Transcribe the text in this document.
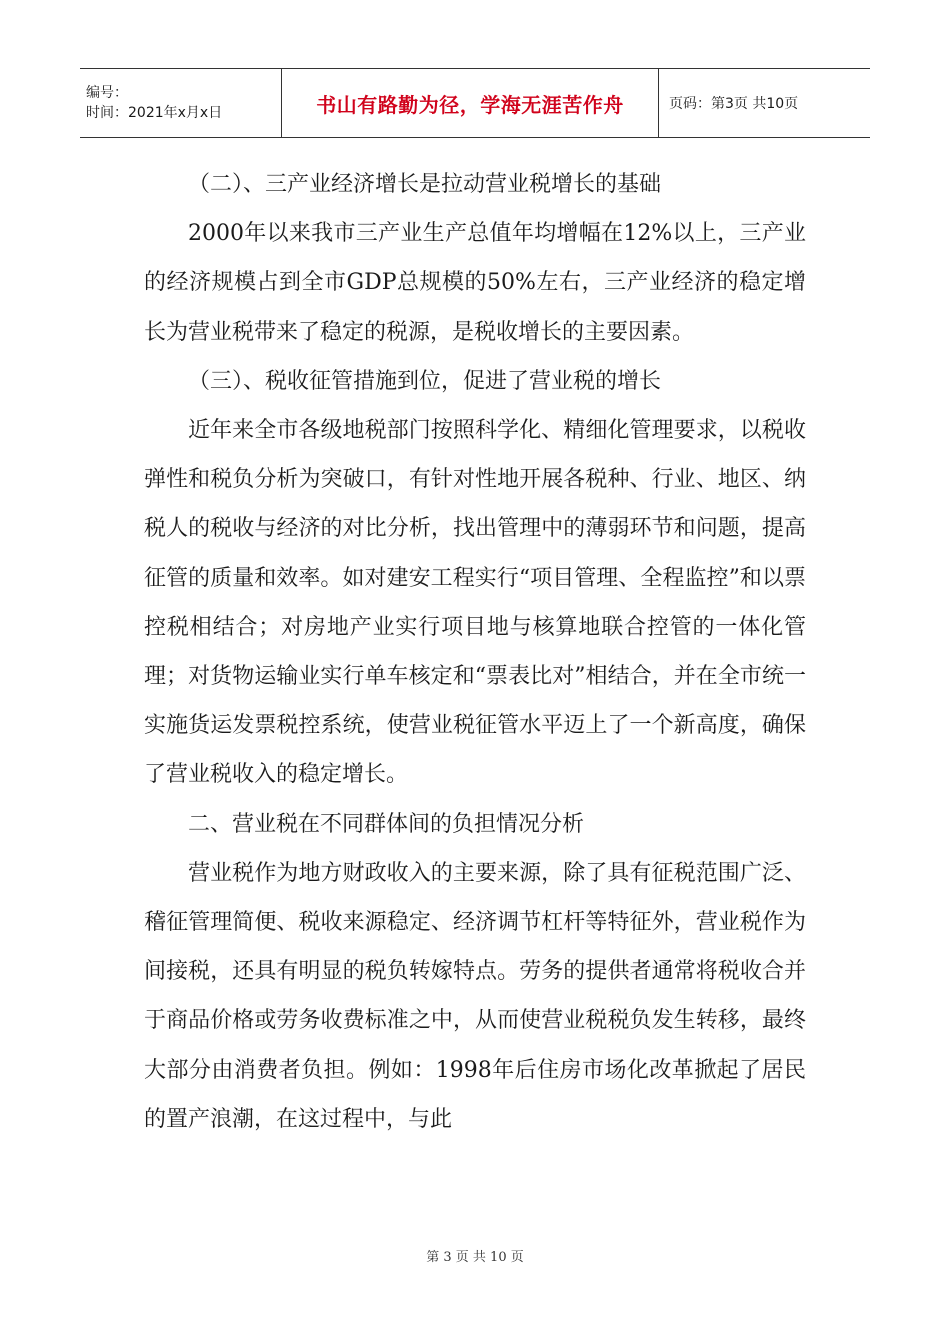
编号：
时间：2021年x月x日	书山有路勤为径，学海无涯苦作舟	页码：第3页 共10页

（二）、三产业经济增长是拉动营业税增长的基础

2000年以来我市三产业生产总值年均增幅在12%以上，三产业的经济规模占到全市GDP总规模的50%左右，三产业经济的稳定增长为营业税带来了稳定的税源，是税收增长的主要因素。

（三）、税收征管措施到位，促进了营业税的增长

近年来全市各级地税部门按照科学化、精细化管理要求，以税收弹性和税负分析为突破口，有针对性地开展各税种、行业、地区、纳税人的税收与经济的对比分析，找出管理中的薄弱环节和问题，提高征管的质量和效率。如对建安工程实行“项目管理、全程监控”和以票控税相结合；对房地产业实行项目地与核算地联合控管的一体化管理；对货物运输业实行单车核定和“票表比对”相结合，并在全市统一实施货运发票税控系统，使营业税征管水平迈上了一个新高度，确保了营业税收入的稳定增长。

二、营业税在不同群体间的负担情况分析

营业税作为地方财政收入的主要来源，除了具有征税范围广泛、稽征管理简便、税收来源稳定、经济调节杠杆等特征外，营业税作为间接税，还具有明显的税负转嫁特点。劳务的提供者通常将税收合并于商品价格或劳务收费标准之中，从而使营业税税负发生转移，最终大部分由消费者负担。例如：1998年后住房市场化改革掀起了居民的置产浪潮，在这过程中，与此

第 3 页 共 10 页
